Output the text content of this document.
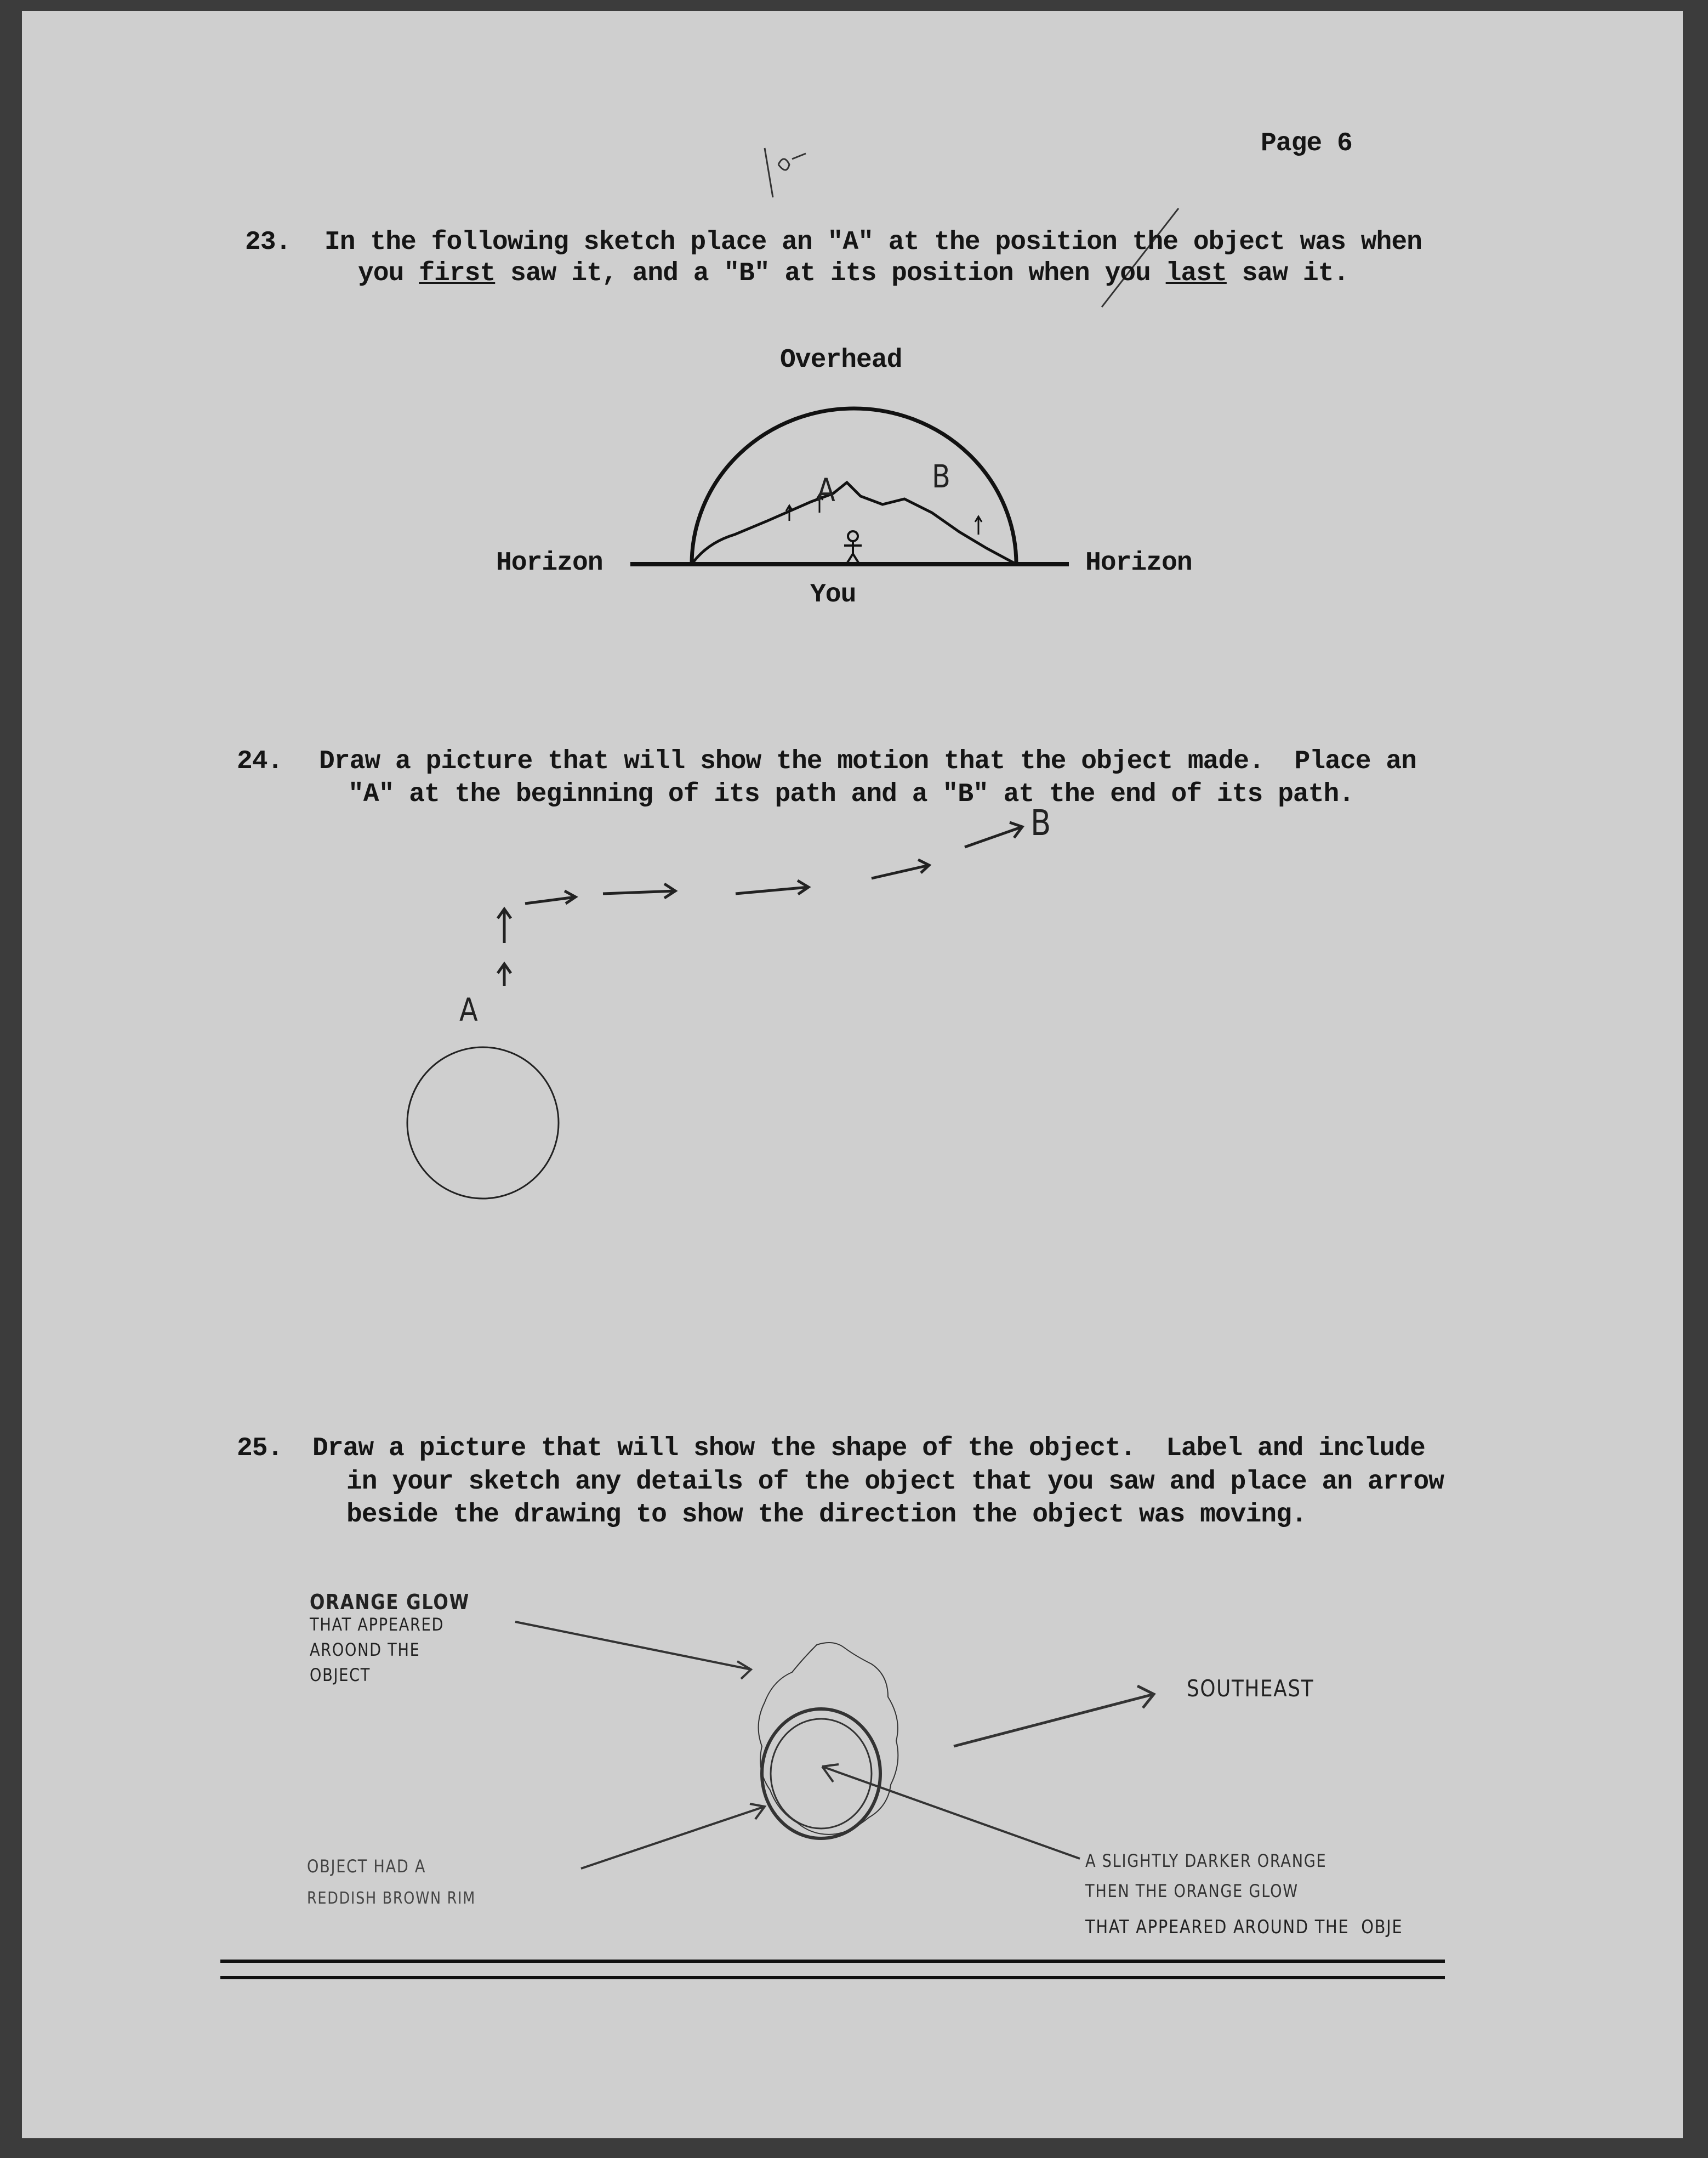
Page 6
23. In the following sketch place an "A" at the position the object was when
you first saw it, and a "B" at its position when you last saw it.
Overhead
Horizon	Horizon
You
A	B
24. Draw a picture that will show the motion that the object made.  Place an
"A" at the beginning of its path and a "B" at the end of its path.
A
B
25. Draw a picture that will show the shape of the object.  Label and include
in your sketch any details of the object that you saw and place an arrow
beside the drawing to show the direction the object was moving.
ORANGE GLOW
THAT APPEARED
AROOND THE
OBJECT	SOUTHEAST
OBJECT HAD A
REDDISH BROWN RIM
A SLIGHTLY DARKER ORANGE
THEN THE ORANGE GLOW
THAT APPEARED AROUND THE  OBJE
